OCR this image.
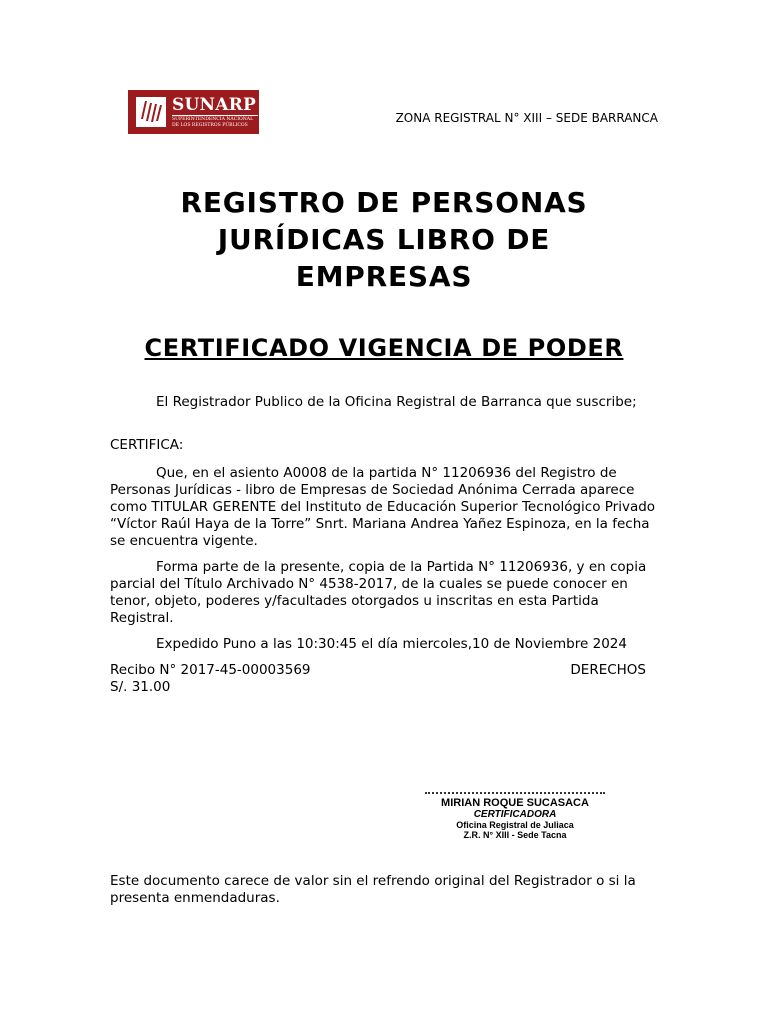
SUNARP
SUPERINTENDENCIA NACIONAL DE LOS REGISTROS PÚBLICOS	ZONA REGISTRAL N° XIII – SEDE BARRANCA
REGISTRO DE PERSONAS
JURÍDICAS LIBRO DE
EMPRESAS
CERTIFICADO VIGENCIA DE PODER
El Registrador Publico de la Oficina Registral de Barranca que suscribe;
CERTIFICA:
Que, en el asiento A0008 de la partida N° 11206936 del Registro de Personas Jurídicas - libro de Empresas de Sociedad Anónima Cerrada aparece como TITULAR GERENTE del Instituto de Educación Superior Tecnológico Privado “Víctor Raúl Haya de la Torre” Snrt. Mariana Andrea Yañez Espinoza, en la fecha se encuentra vigente.
Forma parte de la presente, copia de la Partida N° 11206936, y en copia parcial del Título Archivado N° 4538-2017, de la cuales se puede conocer en tenor, objeto, poderes y/facultades otorgados u inscritas en esta Partida Registral.
Expedido Puno a las 10:30:45 el día miercoles,10 de Noviembre 2024
Recibo N° 2017-45-00003569	DERECHOS
S/. 31.00
MIRIAN ROQUE SUCASACA
CERTIFICADORA
Oficina Registral de Juliaca
Z.R. N° XIII - Sede Tacna
Este documento carece de valor sin el refrendo original del Registrador o si la presenta enmendaduras.
